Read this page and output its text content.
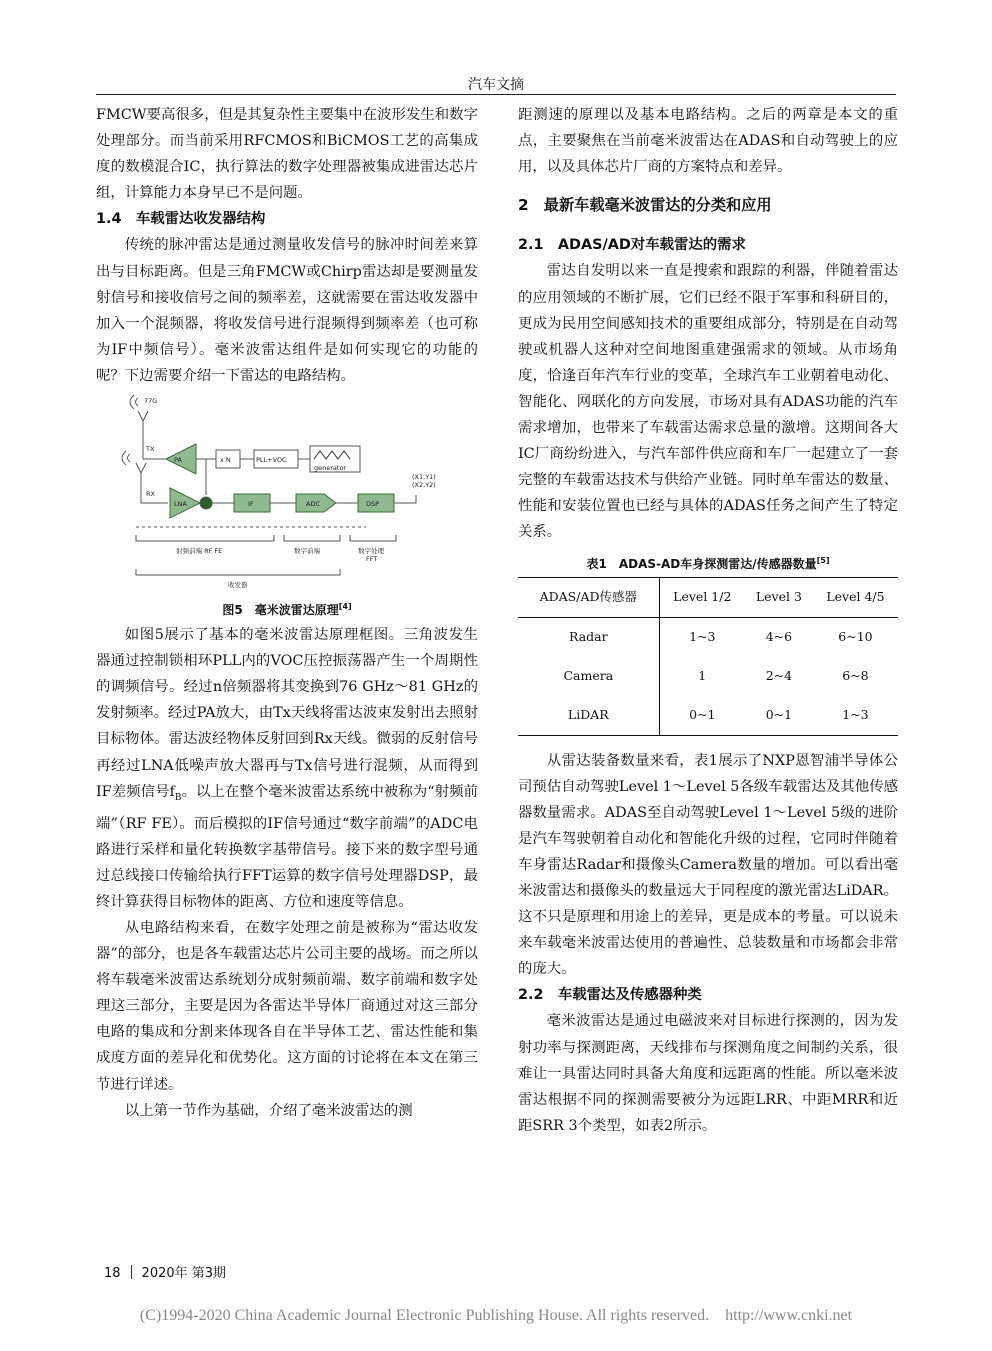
汽车文摘

FMCW要高很多，但是其复杂性主要集中在波形发生和数字处理部分。而当前采用RFCMOS和BiCMOS工艺的高集成度的数模混合IC，执行算法的数字处理器被集成进雷达芯片组，计算能力本身早已不是问题。

1.4　车载雷达收发器结构

传统的脉冲雷达是通过测量收发信号的脉冲时间差来算出与目标距离。但是三角FMCW或Chirp雷达却是要测量发射信号和接收信号之间的频率差，这就需要在雷达收发器中加入一个混频器，将收发信号进行混频得到频率差（也可称为IF中频信号）。毫米波雷达组件是如何实现它的功能的呢？下边需要介绍一下雷达的电路结构。

77G
TX
RX
PA	x N	PLL+VOC
generator
LNA	IF	ADC	DSP
(X1,Y1)
(X2,Y2)
射频前端 RF FE	数字前端	数字处理
FFT
收发器
图5　毫米波雷达原理[4]

如图5展示了基本的毫米波雷达原理框图。三角波发生器通过控制锁相环PLL内的VOC压控振荡器产生一个周期性的调频信号。经过n倍频器将其变换到76 GHz～81 GHz的发射频率。经过PA放大，由Tx天线将雷达波束发射出去照射目标物体。雷达波经物体反射回到Rx天线。微弱的反射信号再经过LNA低噪声放大器再与Tx信号进行混频，从而得到IF差频信号$f_B$。以上在整个毫米波雷达系统中被称为“射频前端”（RF FE）。而后模拟的IF信号通过“数字前端”的ADC电路进行采样和量化转换数字基带信号。接下来的数字型号通过总线接口传输给执行FFT运算的数字信号处理器DSP，最终计算获得目标物体的距离、方位和速度等信息。

从电路结构来看，在数字处理之前是被称为“雷达收发器”的部分，也是各车载雷达芯片公司主要的战场。而之所以将车载毫米波雷达系统划分成射频前端、数字前端和数字处理这三部分，主要是因为各雷达半导体厂商通过对这三部分电路的集成和分割来体现各自在半导体工艺、雷达性能和集成度方面的差异化和优势化。这方面的讨论将在本文在第三节进行详述。

以上第一节作为基础，介绍了毫米波雷达的测

距测速的原理以及基本电路结构。之后的两章是本文的重点，主要聚焦在当前毫米波雷达在ADAS和自动驾驶上的应用，以及具体芯片厂商的方案特点和差异。

2　最新车载毫米波雷达的分类和应用
2.1　ADAS/AD对车载雷达的需求

雷达自发明以来一直是搜索和跟踪的利器，伴随着雷达的应用领域的不断扩展，它们已经不限于军事和科研目的，更成为民用空间感知技术的重要组成部分，特别是在自动驾驶或机器人这种对空间地图重建强需求的领域。从市场角度，恰逢百年汽车行业的变革，全球汽车工业朝着电动化、智能化、网联化的方向发展，市场对具有ADAS功能的汽车需求增加，也带来了车载雷达需求总量的激增。这期间各大IC厂商纷纷进入，与汽车部件供应商和车厂一起建立了一套完整的车载雷达技术与供给产业链。同时单车雷达的数量、性能和安装位置也已经与具体的ADAS任务之间产生了特定关系。

表1　ADAS-AD车身探测雷达/传感器数量[5]
ADAS/AD传感器	Level 1/2	Level 3	Level 4/5
Radar	1~3	4~6	6~10
Camera	1	2~4	6~8
LiDAR	0~1	0~1	1~3

从雷达装备数量来看，表1展示了NXP恩智浦半导体公司预估自动驾驶Level 1～Level 5各级车载雷达及其他传感器数量需求。ADAS至自动驾驶Level 1～Level 5级的进阶是汽车驾驶朝着自动化和智能化升级的过程，它同时伴随着车身雷达Radar和摄像头Camera数量的增加。可以看出毫米波雷达和摄像头的数量远大于同程度的激光雷达LiDAR。这不只是原理和用途上的差异，更是成本的考量。可以说未来车载毫米波雷达使用的普遍性、总装数量和市场都会非常的庞大。

2.2　车载雷达及传感器种类

毫米波雷达是通过电磁波来对目标进行探测的，因为发射功率与探测距离，天线排布与探测角度之间制约关系，很难让一具雷达同时具备大角度和远距离的性能。所以毫米波雷达根据不同的探测需要被分为远距LRR、中距MRR和近距SRR 3个类型，如表2所示。

18 2020年 第3期
(C)1994-2020 China Academic Journal Electronic Publishing House. All rights reserved.　http://www.cnki.net
